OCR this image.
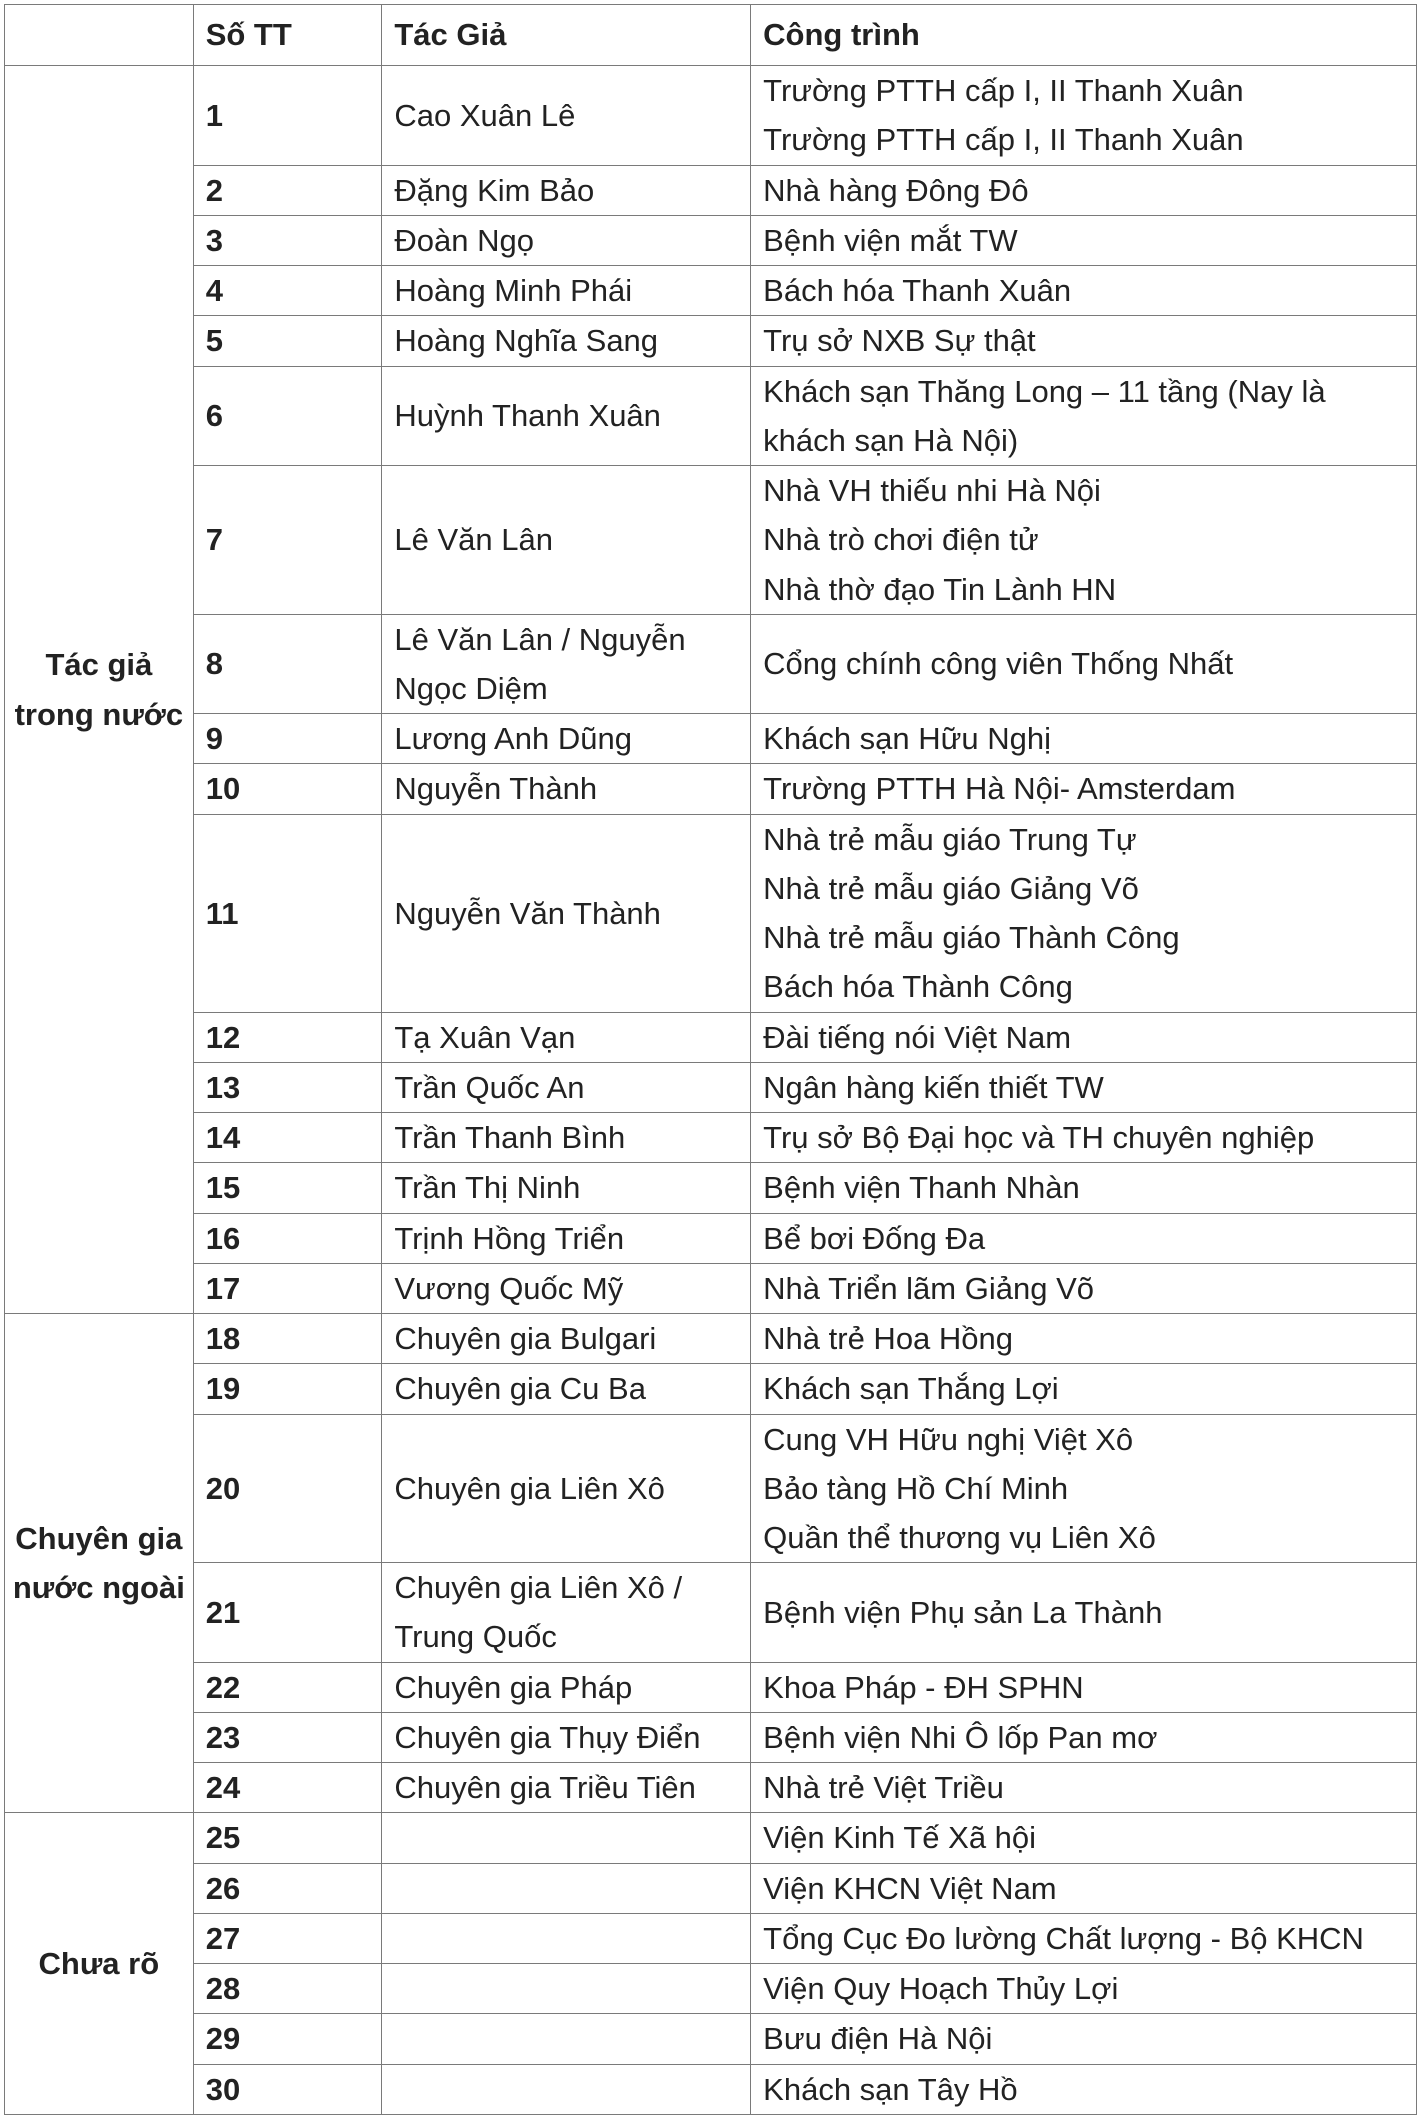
	Số TT	Tác Giả	Công trình
Tác giả trong nước	1	Cao Xuân Lê	Trường PTTH cấp I, II Thanh Xuân
Trường PTTH cấp I, II Thanh Xuân

	2	Đặng Kim Bảo	Nhà hàng Đông Đô

	3	Đoàn Ngọ	Bệnh viện mắt TW

	4	Hoàng Minh Phái	Bách hóa Thanh Xuân

	5	Hoàng Nghĩa Sang	Trụ sở NXB Sự thật

	6	Huỳnh Thanh Xuân	Khách sạn Thăng Long – 11 tầng (Nay là
khách sạn Hà Nội)

	7	Lê Văn Lân	Nhà VH thiếu nhi Hà Nội
Nhà trò chơi điện tử
Nhà thờ đạo Tin Lành HN

	8	Lê Văn Lân / Nguyễn
Ngọc Diệm	Cổng chính công viên Thống Nhất

	9	Lương Anh Dũng	Khách sạn Hữu Nghị

	10	Nguyễn Thành	Trường PTTH Hà Nội- Amsterdam

	11	Nguyễn Văn Thành	Nhà trẻ mẫu giáo Trung Tự
Nhà trẻ mẫu giáo Giảng Võ
Nhà trẻ mẫu giáo Thành Công
Bách hóa Thành Công

	12	Tạ Xuân Vạn	Đài tiếng nói Việt Nam

	13	Trần Quốc An	Ngân hàng kiến thiết TW

	14	Trần Thanh Bình	Trụ sở Bộ Đại học và TH chuyên nghiệp

	15	Trần Thị Ninh	Bệnh viện Thanh Nhàn

	16	Trịnh Hồng Triển	Bể bơi Đống Đa

	17	Vương Quốc Mỹ	Nhà Triển lãm Giảng Võ

Chuyên gia nước ngoài	18	Chuyên gia Bulgari	Nhà trẻ Hoa Hồng

	19	Chuyên gia Cu Ba	Khách sạn Thắng Lợi

	20	Chuyên gia Liên Xô	Cung VH Hữu nghị Việt Xô
Bảo tàng Hồ Chí Minh
Quần thể thương vụ Liên Xô

	21	Chuyên gia Liên Xô /
Trung Quốc	Bệnh viện Phụ sản La Thành

	22	Chuyên gia Pháp	Khoa Pháp - ĐH SPHN

	23	Chuyên gia Thụy Điển	Bệnh viện Nhi Ô lốp Pan mơ

	24	Chuyên gia Triều Tiên	Nhà trẻ Việt Triều

Chưa rõ	25		Viện Kinh Tế Xã hội

	26		Viện KHCN Việt Nam

	27		Tổng Cục Đo lường Chất lượng - Bộ KHCN

	28		Viện Quy Hoạch Thủy Lợi

	29		Bưu điện Hà Nội

	30		Khách sạn Tây Hồ
